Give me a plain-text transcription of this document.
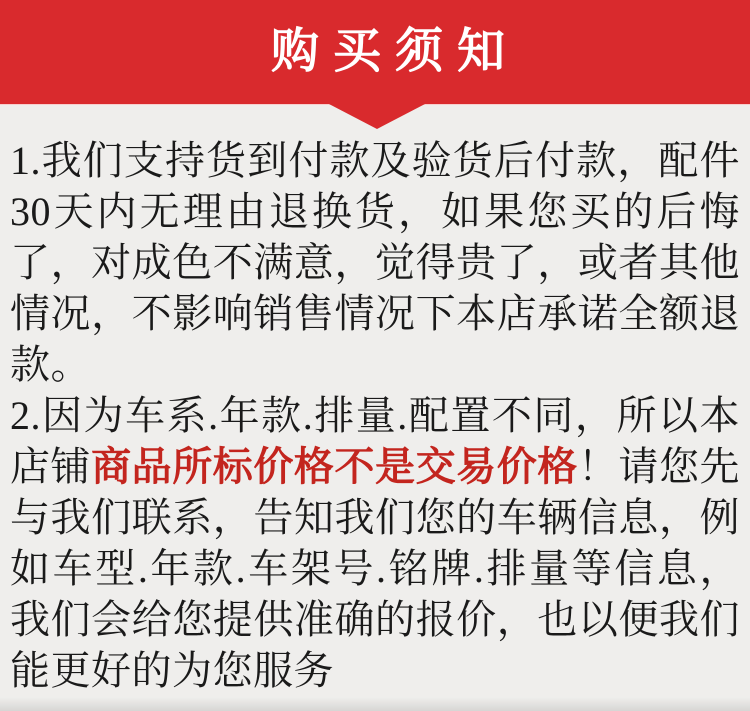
购买须知

1.我们支持货到付款及验货后付款，配件30天内无理由退换货，如果您买的后悔了，对成色不满意，觉得贵了，或者其他情况，不影响销售情况下本店承诺全额退款。

2.因为车系.年款.排量.配置不同，所以本店铺商品所标价格不是交易价格！请您先与我们联系，告知我们您的车辆信息，例如车型.年款.车架号.铭牌.排量等信息，我们会给您提供准确的报价，也以便我们能更好的为您服务
